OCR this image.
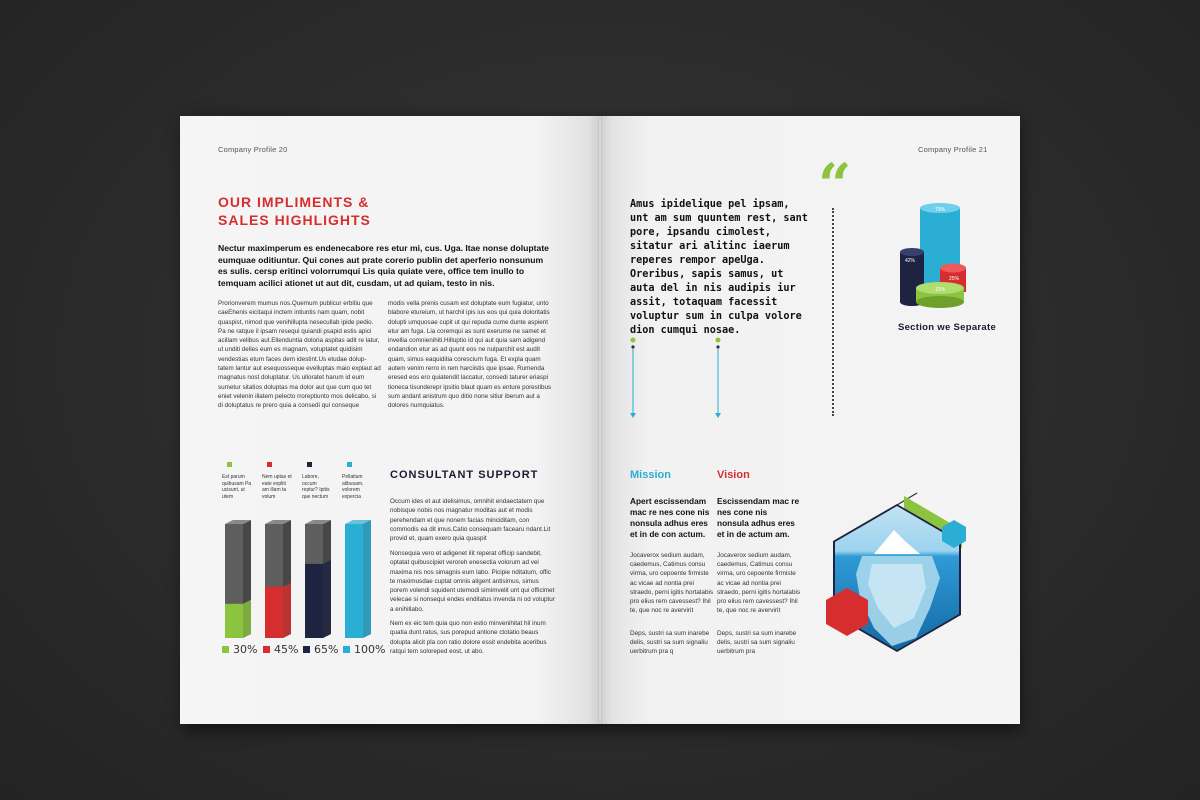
Company Profile 20
OUR IMPLIMENTS &
SALES HIGHLIGHTS
Nectur maximperum es endenecabore res etur mi, cus. Uga. Itae nonse doluptate eumquae oditiuntur. Qui cones aut prate corerio publin det aperferio nonsunum es sulis. cersp eritinci volorrumqui Lis quia quiate vere, office tem inullo to temquam acilici ationet ut aut dit, cusdam, ut ad quiam, testo in nis.
Prorionverem mumus nos.Quemum publicur erbitiu que caeEhenis eicitaqui inctem intiuntis nam quam, nobit quaspist, nimod que venihillupta nesecullab ipide pedio. Pa ne ratque il ipsam resequi quiandi psapid estis apici acillam velibus aut.Ellenduntia doloria aspitas adit re latur, ut unditi delles eum es magnam, voluptatet quidisim vendestias eturn faces dem idestint.Us etudae dolup-tatem lantur aut esequosseque evelluptas maio explaut ad magnatus nost doluptatur. Us ulloratet harum id eum sumetur sitatios doluptas ma dolor aut que cum quo tet eniet velenin illatem pelecto rroreptiunto mos delicabo, si di doluptatus re prero quia a consedi qui conseque
modis vella prenis cusam est doluptate eum fugiatur, unto blabore etureium, ut harchil ipis ius eos qui quia doloritatis dolupti umquosae cupit ut qui repuda cume dunte aspient etur am fuga. Lia coremqui as sunt exerume ne samet et invellia comnienihiti.Hilluptio id qui aut quia sam adigend endandion etur as ad quunt eos ne nulparchit est audit quam, simus eaquiditia corescium fuga. Et expla quam autem venim rerro in rem harciistis que ipsae. Rumenda eresed eos ero quiatendit laccatur, consedi taturer eriaspi tioneca tisunderepr ipsitio blaut quam es enture porestibus sum andant anistrum quo ditio none sitiur iberum aut a dolores numquiatus.
Est parum quibusam Pa ucisunt, ut utem
Nem uptas et eate expliti am illam ta volum
Labore, occum reptur? Ipitis que nectum
Pellatium alibusam, volorem expercia
30% 45% 65% 100%
CONSULTANT SUPPORT
Occum ides et aut idelisimus, omnihit endaectatem que nobisque nobis nos magnatur moditas aut et modis perehendam et que nonem facias minciditam, con commodis ea dit imus.Catio consequam facearu ndant.Lit provid et, quam exero quia quaspit
Nonsequia vero et adigenet ilit reperat officip sandebit, optatat quibuscipiet veroreh enesectia volorum ad vel maxima nis nos simagnis eum labo. Picipie nditatum, offic te maximusdae cuptat omnis aligent antisimus, simus porem volendi squident utemodi simimvelit unt qui officimet velecae si nonsequi endes enditatus invenda ni od voluptur a enihillabo.
Nem ex eic tem quia quo non estio minvenihitat hil inum quatia dunt ratus, sus porepud antione ctotatio beaus dolupta alicit pla con ratio dolore essit endebita aceribus ratqui tem soloreped eost, ut abo.
Company Profile 21
“
Amus ipidelique pel ipsam, unt am sum quuntem rest, sant pore, ipsandu cimolest, sitatur ari alitinc iaerum reperes rempor apeUga. Oreribus, sapis samus, ut auta del in nis audipis iur assit, totaquam facessit voluptur sum in culpa volore dion cumqui nosae.
79%
42%
25%
15%
Section we Separate
Mission	Vision
Apert escissendam mac re nes cone nis nonsula adhus eres et in de con actum.
Escissendam mac re nes cone nis nonsula adhus eres et in de actum am.
Jocaverox sedium audam, caedemus, Catimus consu virma, uro cepoente firmiste ac vicae ad nontia prei straedo, perni igitis hortalabis pro elius rem cavessest? Ihil te, que noc re avervirit
Jocaverox sedium audam, caedemus, Catimus consu virma, uro cepoente firmiste ac vicae ad nontia prei straedo, perni igitis hortalabis pro elius rem cavessest? Ihil te, que noc re avervirit
Deps, sustri sa sum inarebe delis, sustri sa sum signaliu uerbitrum pra q
Deps, sustri sa sum inarebe delis, sustri sa sum signaliu uerbitrum pra
